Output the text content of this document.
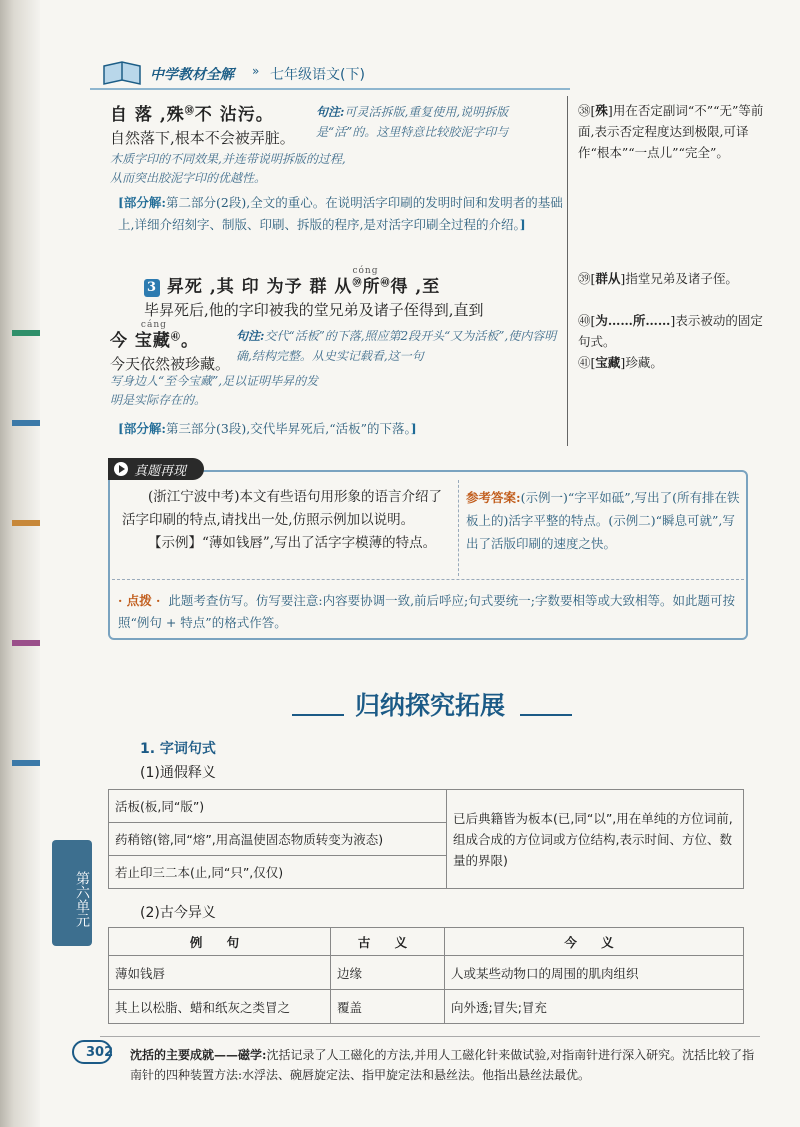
中学教材全解 » 七年级语文(下)
自 落 ,殊$^㊳$不 沾污。
自然落下,根本不会被弄脏。
句注:可灵活拆版,重复使用,说明拆版是“活”的。这里特意比较胶泥字印与
木质字印的不同效果,并连带说明拆版的过程,从而突出胶泥字印的优越性。
[部分解:第二部分(2段),全文的重心。在说明活字印刷的发明时间和发明者的基础上,详细介绍刻字、制版、印刷、拆版的程序,是对活字印刷全过程的介绍。]
3 昇死 ,其 印 为予 群 从
cóng
$^㊴$所$^㊵$得 ,至
毕昇死后,他的字印被我的堂兄弟及诸子侄得到,直到
今 宝藏
cáng
$^㊶$。
今天依然被珍藏。
句注:交代“活板”的下落,照应第2段开头“又为活板”,使内容明确,结构完整。从史实记载看,这一句
写身边人“至今宝藏”,足以证明毕昇的发明是实际存在的。
[部分解:第三部分(3段),交代毕昇死后,“活板”的下落。]
㊳[殊]用在否定副词“不”“无”等前面,表示否定程度达到极限,可译作“根本”“一点儿”“完全”。
㊴[群从]指堂兄弟及诸子侄。
㊵[为……所……]表示被动的固定句式。
㊶[宝藏]珍藏。
真题再现
(浙江宁波中考)本文有些语句用形象的语言介绍了活字印刷的特点,请找出一处,仿照示例加以说明。
【示例】“薄如钱唇”,写出了活字字模薄的特点。
参考答案:(示例一)“字平如砥”,写出了(所有排在铁板上的)活字平整的特点。(示例二)“瞬息可就”,写出了活版印刷的速度之快。
· 点拨 · 此题考查仿写。仿写要注意:内容要协调一致,前后呼应;句式要统一;字数要相等或大致相等。如此题可按照“例句 + 特点”的格式作答。
归纳探究拓展
1. 字词句式
(1)通假释义
活板(板,同“版”)	已后典籍皆为板本(已,同“以”,用在单纯的方位词前,组成合成的方位词或方位结构,表示时间、方位、数量的界限)
药稍镕(镕,同“熔”,用高温使固态物质转变为液态)
若止印三二本(止,同“只”,仅仅)
(2)古今异义
例 句	古 义	今 义
薄如钱唇	边缘	人或某些动物口的周围的肌肉组织
其上以松脂、蜡和纸灰之类冒之	覆盖	向外透;冒失;冒充
第六单元
302 沈括的主要成就——磁学:沈括记录了人工磁化的方法,并用人工磁化针来做试验,对指南针进行深入研究。沈括比较了指南针的四种装置方法:水浮法、碗唇旋定法、指甲旋定法和悬丝法。他指出悬丝法最优。
